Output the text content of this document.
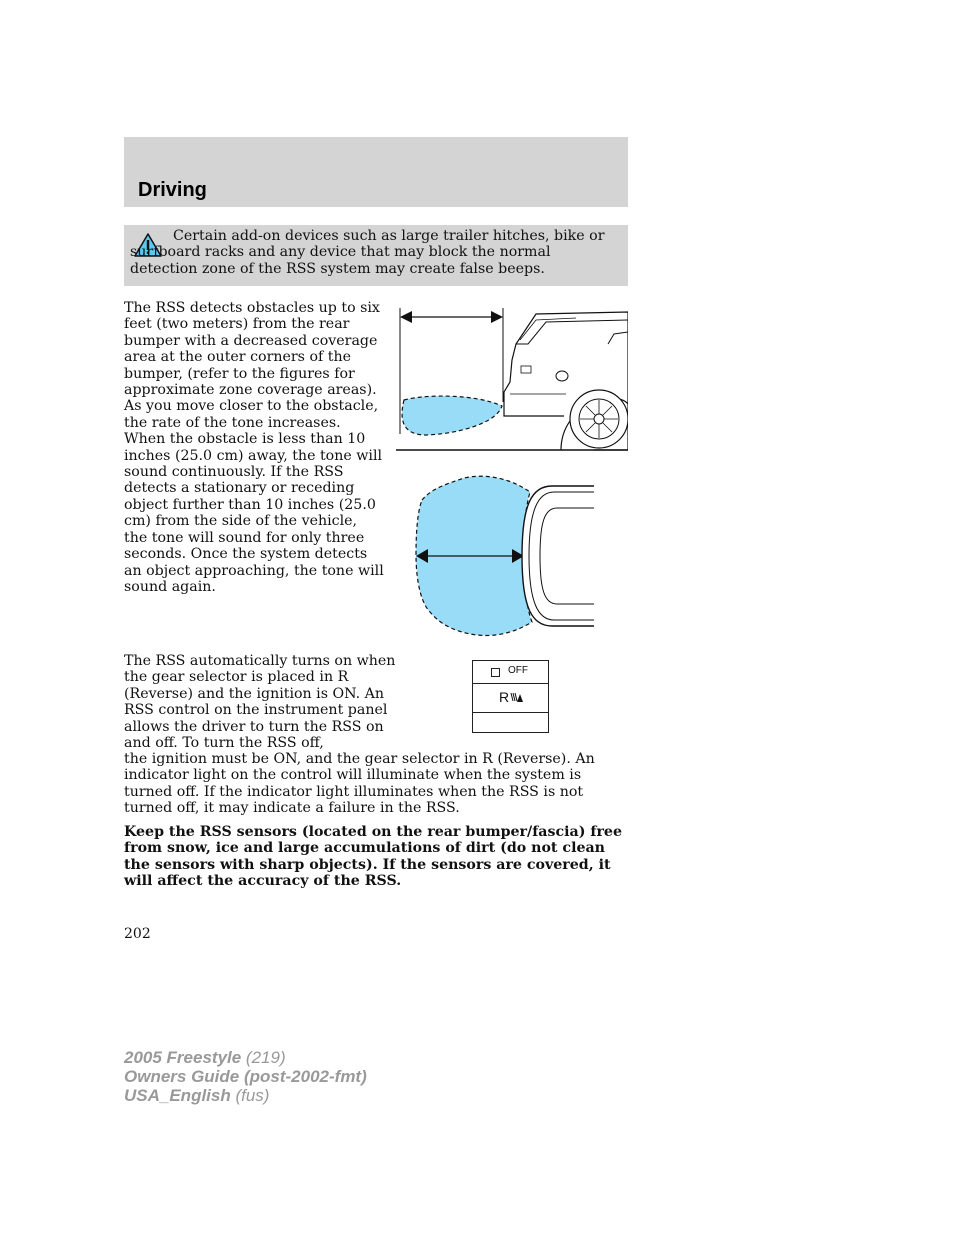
Driving
Certain add-on devices such as large trailer hitches, bike or surfboard racks and any device that may block the normal detection zone of the RSS system may create false beeps.
The RSS detects obstacles up to six feet (two meters) from the rear bumper with a decreased coverage area at the outer corners of the bumper, (refer to the figures for approximate zone coverage areas). As you move closer to the obstacle, the rate of the tone increases. When the obstacle is less than 10 inches (25.0 cm) away, the tone will sound continuously. If the RSS detects a stationary or receding object further than 10 inches (25.0 cm) from the side of the vehicle, the tone will sound for only three seconds. Once the system detects an object approaching, the tone will sound again.
The RSS automatically turns on when the gear selector is placed in R (Reverse) and the ignition is ON. An RSS control on the instrument panel allows the driver to turn the RSS on and off. To turn the RSS off,
the ignition must be ON, and the gear selector in R (Reverse). An indicator light on the control will illuminate when the system is turned off. If the indicator light illuminates when the RSS is not turned off, it may indicate a failure in the RSS.
OFF
R
Keep the RSS sensors (located on the rear bumper/fascia) free from snow, ice and large accumulations of dirt (do not clean the sensors with sharp objects). If the sensors are covered, it will affect the accuracy of the RSS.
202
2005 Freestyle (219)
Owners Guide (post-2002-fmt)
USA_English (fus)
